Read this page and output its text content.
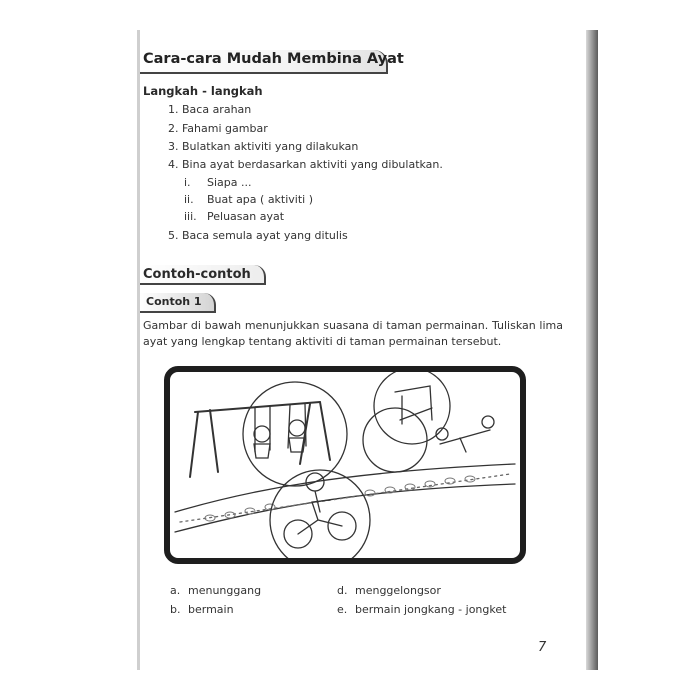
Cara-cara Mudah Membina Ayat
Langkah - langkah
1. Baca arahan
2. Fahami gambar
3. Bulatkan aktiviti yang dilakukan
4. Bina ayat berdasarkan aktiviti yang dibulatkan.
i. Siapa ...
ii. Buat apa ( aktiviti )
iii. Peluasan ayat
5. Baca semula ayat yang ditulis
Contoh-contoh
Contoh 1
Gambar di bawah menunjukkan suasana di taman permainan. Tuliskan lima ayat yang lengkap tentang aktiviti di taman permainan tersebut.
a. menunggang
b. bermain
d. menggelongsor
e. bermain jongkang - jongket
7
